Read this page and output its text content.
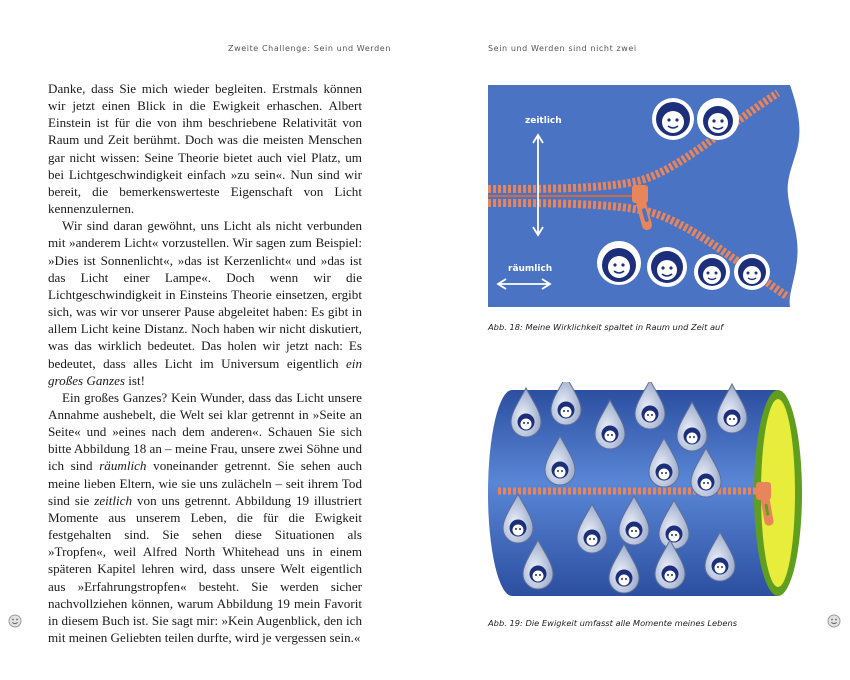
Zweite Challenge: Sein und Werden	Sein und Werden sind nicht zwei

Danke, dass Sie mich wieder begleiten. Erstmals können wir jetzt einen Blick in die Ewigkeit erhaschen. Albert Einstein ist für die von ihm beschriebene Relativität von Raum und Zeit berühmt. Doch was die meisten Menschen gar nicht wissen: Seine Theorie bietet auch viel Platz, um bei Lichtgeschwindigkeit einfach »zu sein«. Nun sind wir bereit, die bemerkenswerteste Eigenschaft von Licht kennenzulernen.

Wir sind daran gewöhnt, uns Licht als nicht verbunden mit »anderem Licht« vorzustellen. Wir sagen zum Beispiel: »Dies ist Sonnenlicht«, »das ist Kerzenlicht« und »das ist das Licht einer Lampe«. Doch wenn wir die Lichtgeschwindigkeit in Einsteins Theorie einsetzen, ergibt sich, was wir vor unserer Pause abgeleitet haben: Es gibt in allem Licht keine Distanz. Noch haben wir nicht diskutiert, was das wirklich bedeutet. Das holen wir jetzt nach: Es bedeutet, dass alles Licht im Universum eigentlich ein großes Ganzes ist!

Ein großes Ganzes? Kein Wunder, dass das Licht unsere Annahme aushebelt, die Welt sei klar getrennt in »Seite an Seite« und »eines nach dem anderen«. Schauen Sie sich bitte Abbildung 18 an – meine Frau, unsere zwei Söhne und ich sind räumlich voneinander getrennt. Sie sehen auch meine lieben Eltern, wie sie uns zulächeln – seit ihrem Tod sind sie zeitlich von uns getrennt. Abbildung 19 illustriert Momente aus unserem Leben, die für die Ewigkeit festgehalten sind. Sie sehen diese Situationen als »Tropfen«, weil Alfred North Whitehead uns in einem späteren Kapitel lehren wird, dass unsere Welt eigentlich aus »Erfahrungstropfen« besteht. Sie werden sicher nachvollziehen können, warum Abbildung 19 mein Favorit in diesem Buch ist. Sie sagt mir: »Kein Augenblick, den ich mit meinen Geliebten teilen durfte, wird je vergessen sein.«

zeitlich
räumlich
Abb. 18: Meine Wirklichkeit spaltet in Raum und Zeit auf
Abb. 19: Die Ewigkeit umfasst alle Momente meines Lebens
